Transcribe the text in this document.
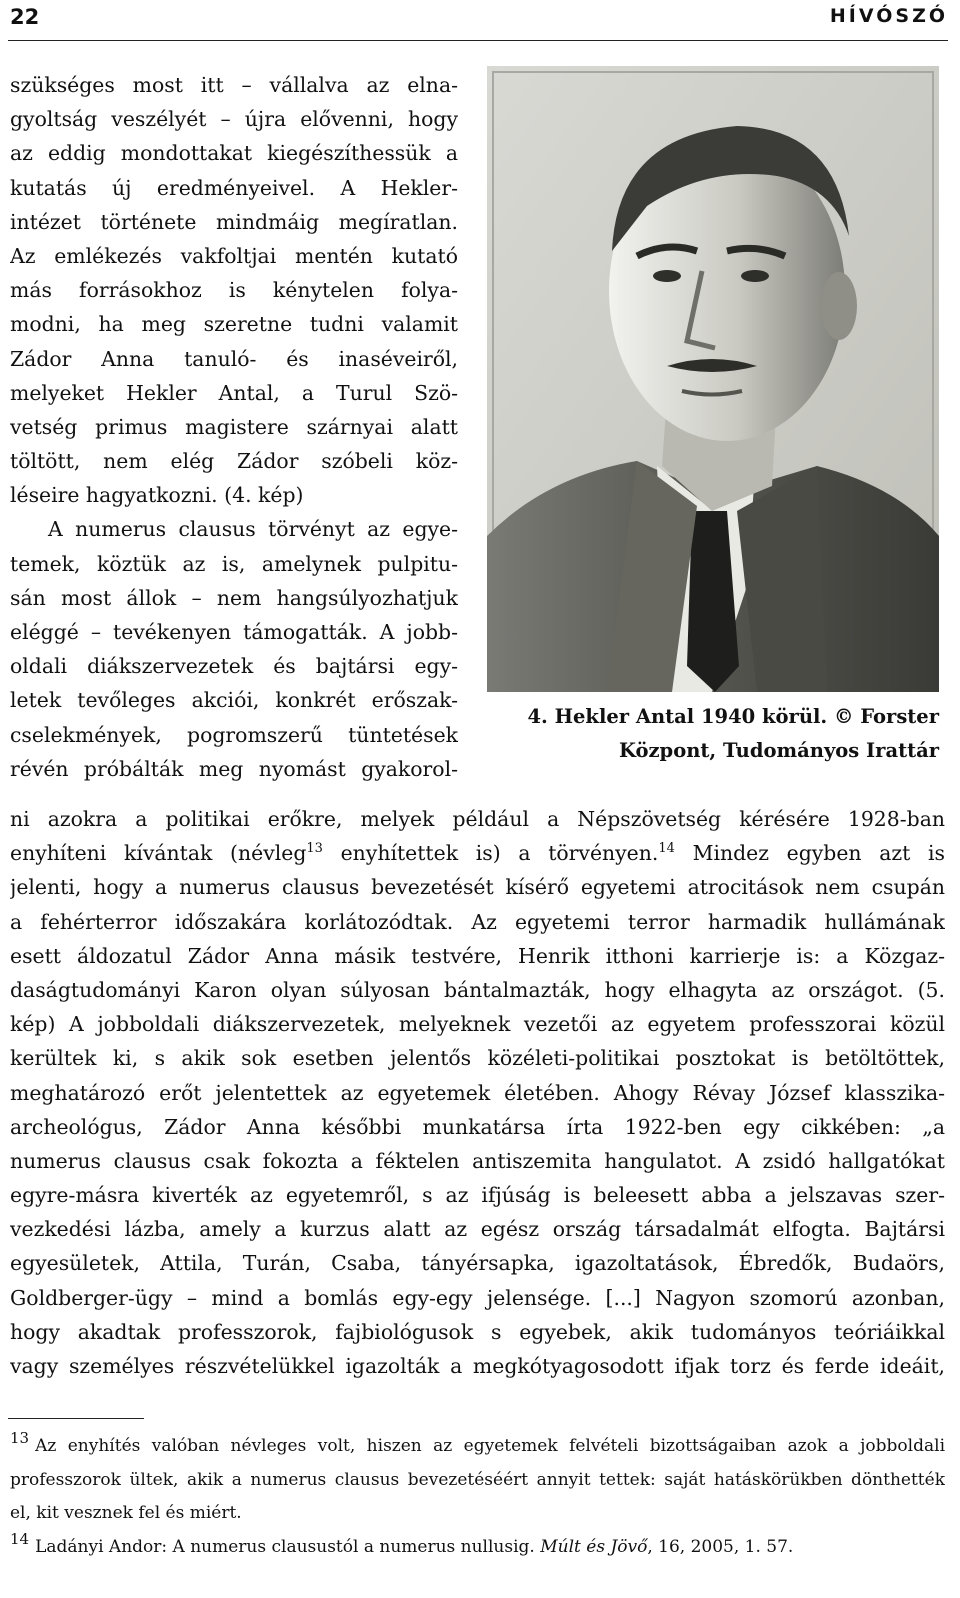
22	HÍVÓSZÓ
szükséges most itt – vállalva az elna-
gyoltság veszélyét – újra elővenni, hogy
az eddig mondottakat kiegészíthessük a
kutatás új eredményeivel. A Hekler-
intézet története mindmáig megíratlan.
Az emlékezés vakfoltjai mentén kutató
más forrásokhoz is kénytelen folya-
modni, ha meg szeretne tudni valamit
Zádor Anna tanuló- és inaséveiről,
melyeket Hekler Antal, a Turul Szö-
vetség primus magistere szárnyai alatt
töltött, nem elég Zádor szóbeli köz-
léseire hagyatkozni. (4. kép)
A numerus clausus törvényt az egye-
temek, köztük az is, amelynek pulpitu-
sán most állok – nem hangsúlyozhatjuk
eléggé – tevékenyen támogatták. A jobb-
oldali diákszervezetek és bajtársi egy-
letek tevőleges akciói, konkrét erőszak-
cselekmények, pogromszerű tüntetések
révén próbálták meg nyomást gyakorol-
4. Hekler Antal 1940 körül. © Forster
Központ, Tudományos Irattár
ni azokra a politikai erőkre, melyek például a Népszövetség kérésére 1928-ban
enyhíteni kívántak (névleg$^{13}$ enyhítettek is) a törvényen.$^{14}$ Mindez egyben azt is
jelenti, hogy a numerus clausus bevezetését kísérő egyetemi atrocitások nem csupán
a fehérterror időszakára korlátozódtak. Az egyetemi terror harmadik hullámának
esett áldozatul Zádor Anna másik testvére, Henrik itthoni karrierje is: a Közgaz-
daságtudományi Karon olyan súlyosan bántalmazták, hogy elhagyta az országot. (5.
kép) A jobboldali diákszervezetek, melyeknek vezetői az egyetem professzorai közül
kerültek ki, s akik sok esetben jelentős közéleti-politikai posztokat is betöltöttek,
meghatározó erőt jelentettek az egyetemek életében. Ahogy Révay József klasszika-
archeológus, Zádor Anna későbbi munkatársa írta 1922-ben egy cikkében: „a
numerus clausus csak fokozta a féktelen antiszemita hangulatot. A zsidó hallgatókat
egyre-másra kiverték az egyetemről, s az ifjúság is beleesett abba a jelszavas szer-
vezkedési lázba, amely a kurzus alatt az egész ország társadalmát elfogta. Bajtársi
egyesületek, Attila, Turán, Csaba, tányérsapka, igazoltatások, Ébredők, Budaörs,
Goldberger-ügy – mind a bomlás egy-egy jelensége. [...] Nagyon szomorú azonban,
hogy akadtak professzorok, fajbiológusok s egyebek, akik tudományos teóriáikkal
vagy személyes részvételükkel igazolták a megkótyagosodott ifjak torz és ferde ideáit,
13 Az enyhítés valóban névleges volt, hiszen az egyetemek felvételi bizottságaiban azok a jobboldali
professzorok ültek, akik a numerus clausus bevezetéséért annyit tettek: saját hatáskörükben dönthették
el, kit vesznek fel és miért.
14 Ladányi Andor: A numerus clausustól a numerus nullusig. Múlt és Jövő, 16, 2005, 1. 57.
